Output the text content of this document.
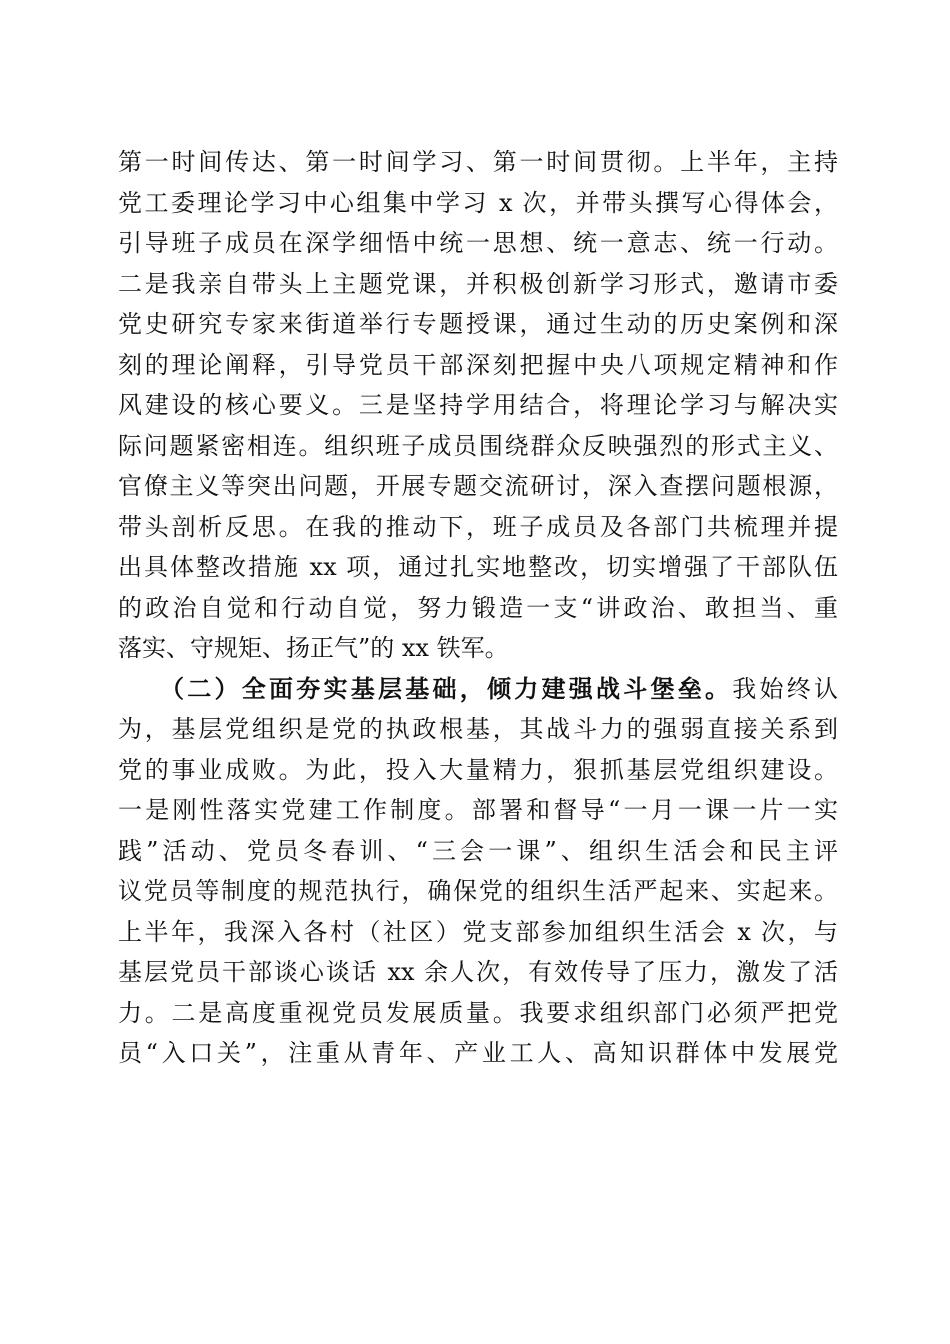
第一时间传达、第一时间学习、第一时间贯彻。上半年，主持
党工委理论学习中心组集中学习 x 次，并带头撰写心得体会，
引导班子成员在深学细悟中统一思想、统一意志、统一行动。
二是我亲自带头上主题党课，并积极创新学习形式，邀请市委
党史研究专家来街道举行专题授课，通过生动的历史案例和深
刻的理论阐释，引导党员干部深刻把握中央八项规定精神和作
风建设的核心要义。三是坚持学用结合，将理论学习与解决实
际问题紧密相连。组织班子成员围绕群众反映强烈的形式主义、
官僚主义等突出问题，开展专题交流研讨，深入查摆问题根源，
带头剖析反思。在我的推动下，班子成员及各部门共梳理并提
出具体整改措施 xx 项，通过扎实地整改，切实增强了干部队伍
的政治自觉和行动自觉，努力锻造一支“讲政治、敢担当、重
落实、守规矩、扬正气”的 xx 铁军。
（二）全面夯实基层基础，倾力建强战斗堡垒。我始终认
为，基层党组织是党的执政根基，其战斗力的强弱直接关系到
党的事业成败。为此，投入大量精力，狠抓基层党组织建设。
一是刚性落实党建工作制度。部署和督导“一月一课一片一实
践”活动、党员冬春训、“三会一课”、组织生活会和民主评
议党员等制度的规范执行，确保党的组织生活严起来、实起来。
上半年，我深入各村（社区）党支部参加组织生活会 x 次，与
基层党员干部谈心谈话 xx 余人次，有效传导了压力，激发了活
力。二是高度重视党员发展质量。我要求组织部门必须严把党
员“入口关”，注重从青年、产业工人、高知识群体中发展党
